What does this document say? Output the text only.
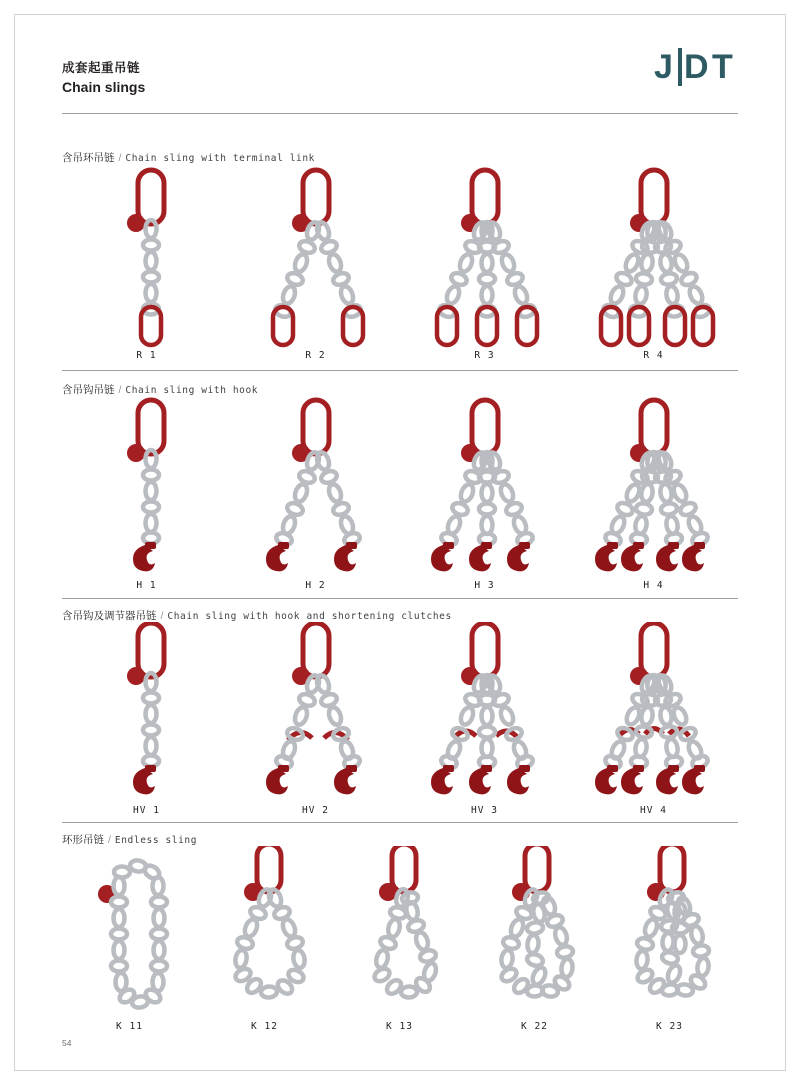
J D T
成套起重吊链
Chain slings
含吊环吊链 / Chain sling with terminal link
R 1	R 2	R 3	R 4
含吊钩吊链 / Chain sling with hook
H 1	H 2	H 3	H 4
含吊钩及调节器吊链 / Chain sling with hook and shortening clutches
HV 1	HV 2	HV 3	HV 4
环形吊链 / Endless sling
K 11	K 12	K 13	K 22	K 23
54
